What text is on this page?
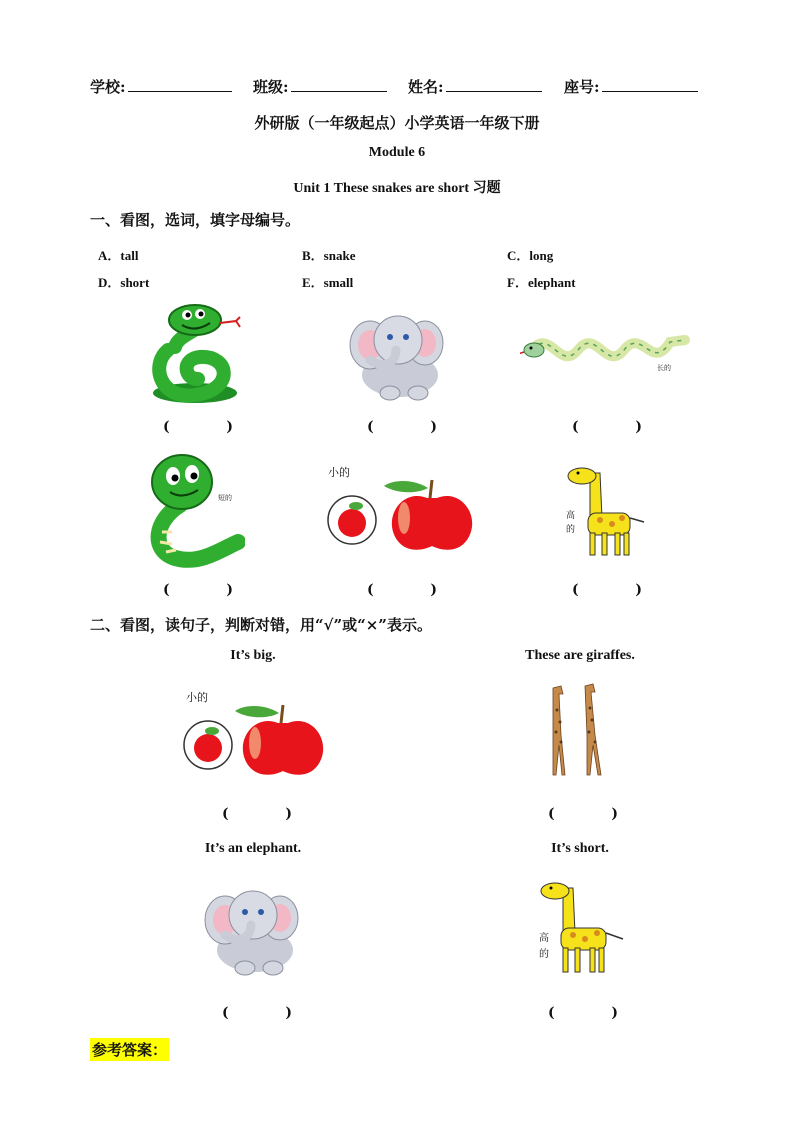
学校:	班级:	姓名:	座号:
外研版（一年级起点）小学英语一年级下册
Module 6
Unit 1 These snakes are short 习题
一、看图，选词，填字母编号。
A．tall	B．snake	C．long
D．short	E．small	F．elephant
长的
(	)	(	)	(	)
短的
小的
高
的
(	)	(	)	(	)
二、看图，读句子，判断对错，用“√”或“×”表示。
It’s big.	These are giraffes.
小的
(	)	(	)
It’s an elephant.	It’s short.
高
的
(	)	(	)
参考答案：
